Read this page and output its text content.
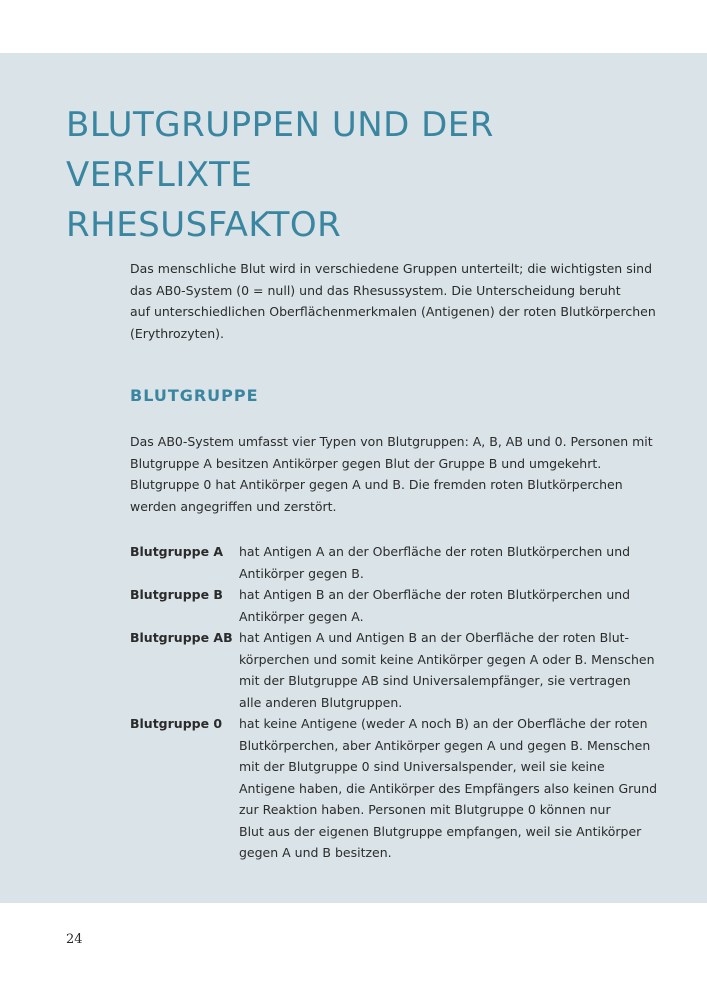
BLUTGRUPPEN UND DER VERFLIXTE
RHESUSFAKTOR

Das menschliche Blut wird in verschiedene Gruppen unterteilt; die wichtigsten sind
das AB0-System (0 = null) und das Rhesussystem. Die Unterscheidung beruht
auf unterschiedlichen Oberflächenmerkmalen (Antigenen) der roten Blutkörperchen
(Erythrozyten).

BLUTGRUPPE

Das AB0-System umfasst vier Typen von Blutgruppen: A, B, AB und 0. Personen mit
Blutgruppe A besitzen Antikörper gegen Blut der Gruppe B und umgekehrt.
Blutgruppe 0 hat Antikörper gegen A und B. Die fremden roten Blutkörperchen
werden angegriffen und zerstört.

Blutgruppe A	hat Antigen A an der Oberfläche der roten Blutkörperchen und
Antikörper gegen B.
Blutgruppe B	hat Antigen B an der Oberfläche der roten Blutkörperchen und
Antikörper gegen A.
Blutgruppe AB hat Antigen A und Antigen B an der Oberfläche der roten Blut-
körperchen und somit keine Antikörper gegen A oder B. Menschen
mit der Blutgruppe AB sind Universalempfänger, sie vertragen
alle anderen Blutgruppen.
Blutgruppe 0	hat keine Antigene (weder A noch B) an der Oberfläche der roten
Blutkörperchen, aber Antikörper gegen A und gegen B. Menschen
mit der Blutgruppe 0 sind Universalspender, weil sie keine
Antigene haben, die Antikörper des Empfängers also keinen Grund
zur Reaktion haben. Personen mit Blutgruppe 0 können nur
Blut aus der eigenen Blutgruppe empfangen, weil sie Antikörper
gegen A und B besitzen.
24
